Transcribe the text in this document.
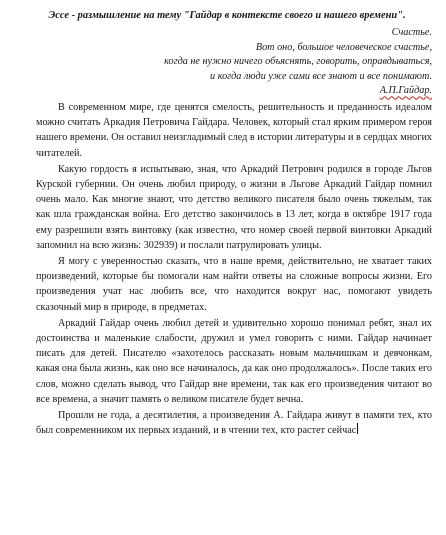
Эссе - размышление на тему "Гайдар в контексте своего и нашего времени".
Счастье.
Вот оно, большое человеческое счастье,
когда не нужно ничего объяснять, говорить, оправдываться,
и когда люди уже сами все знают и все понимают.
А.П.Гайдар.

В современном мире, где ценятся смелость, решительность и преданность идеалом можно считать Аркадия Петровича Гайдара. Человек, который стал ярким примером героя нашего времени. Он оставил неизгладимый след в истории литературы и в сердцах многих читателей.

Какую гордость я испытываю, зная, что Аркадий Петрович родился в городе Льгов Курской губернии. Он очень любил природу, о жизни в Льгове Аркадий Гайдар помнил очень мало. Как многие знают, что детство великого писателя было очень тяжелым, так как шла гражданская война. Его детство закончилось в 13 лет, когда в октябре 1917 года ему разрешили взять винтовку (как известно, что номер своей первой винтовки Аркадий запомнил на всю жизнь: 302939) и послали патрулировать улицы.

Я могу с уверенностью сказать, что в наше время, действительно, не хватает таких произведений, которые бы помогали нам найти ответы на сложные вопросы жизни. Его произведения учат нас любить все, что находится вокруг нас, помогают увидеть сказочный мир в природе, в предметах.

Аркадий Гайдар очень любил детей и удивительно хорошо понимал ребят, знал их достоинства и маленькие слабости, дружил и умел говорить с ними. Гайдар начинает писать для детей. Писателю «захотелось рассказать новым мальчишкам и девчонкам, какая она была жизнь, как оно все начиналось, да как оно продолжалось». После таких его слов, можно сделать вывод, что Гайдар вне времени, так как его произведения читают во все времена, а значит память о великом писателе будет вечна.

Прошли не года, а десятилетия, а произведения А. Гайдара живут в памяти тех, кто был современником их первых изданий, и в чтении тех, кто растет сейчас
